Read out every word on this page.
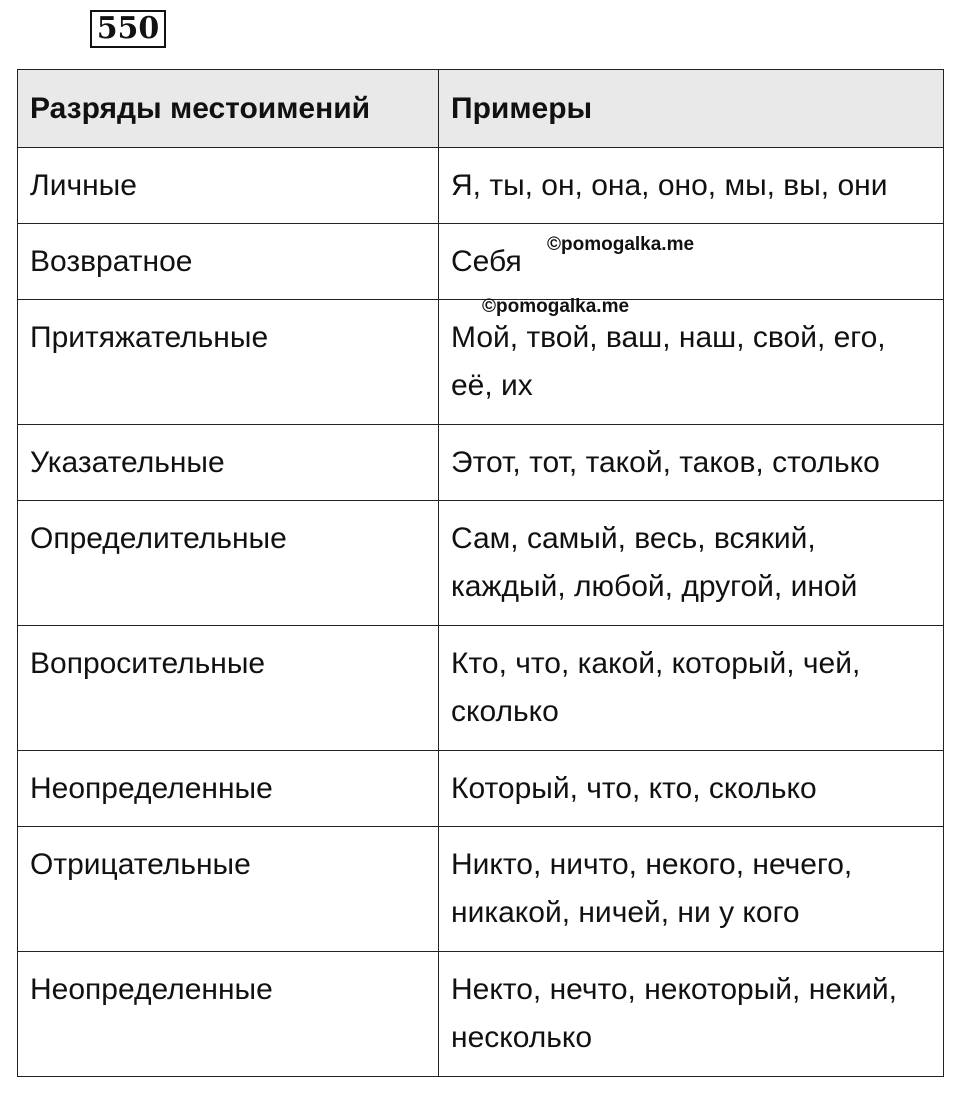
550
Разряды местоимений	Примеры
Личные	Я, ты, он, она, оно, мы, вы, они
Возвратное	Себя
Притяжательные	Мой, твой, ваш, наш, свой, его, её, их
Указательные	Этот, тот, такой, таков, столько
Определительные	Сам, самый, весь, всякий, каждый, любой, другой, иной
Вопросительные	Кто, что, какой, который, чей, сколько
Неопределенные	Который, что, кто, сколько
Отрицательные	Никто, ничто, некого, нечего, никакой, ничей, ни у кого
Неопределенные	Некто, нечто, некоторый, некий, несколько
©pomogalka.me
©pomogalka.me
